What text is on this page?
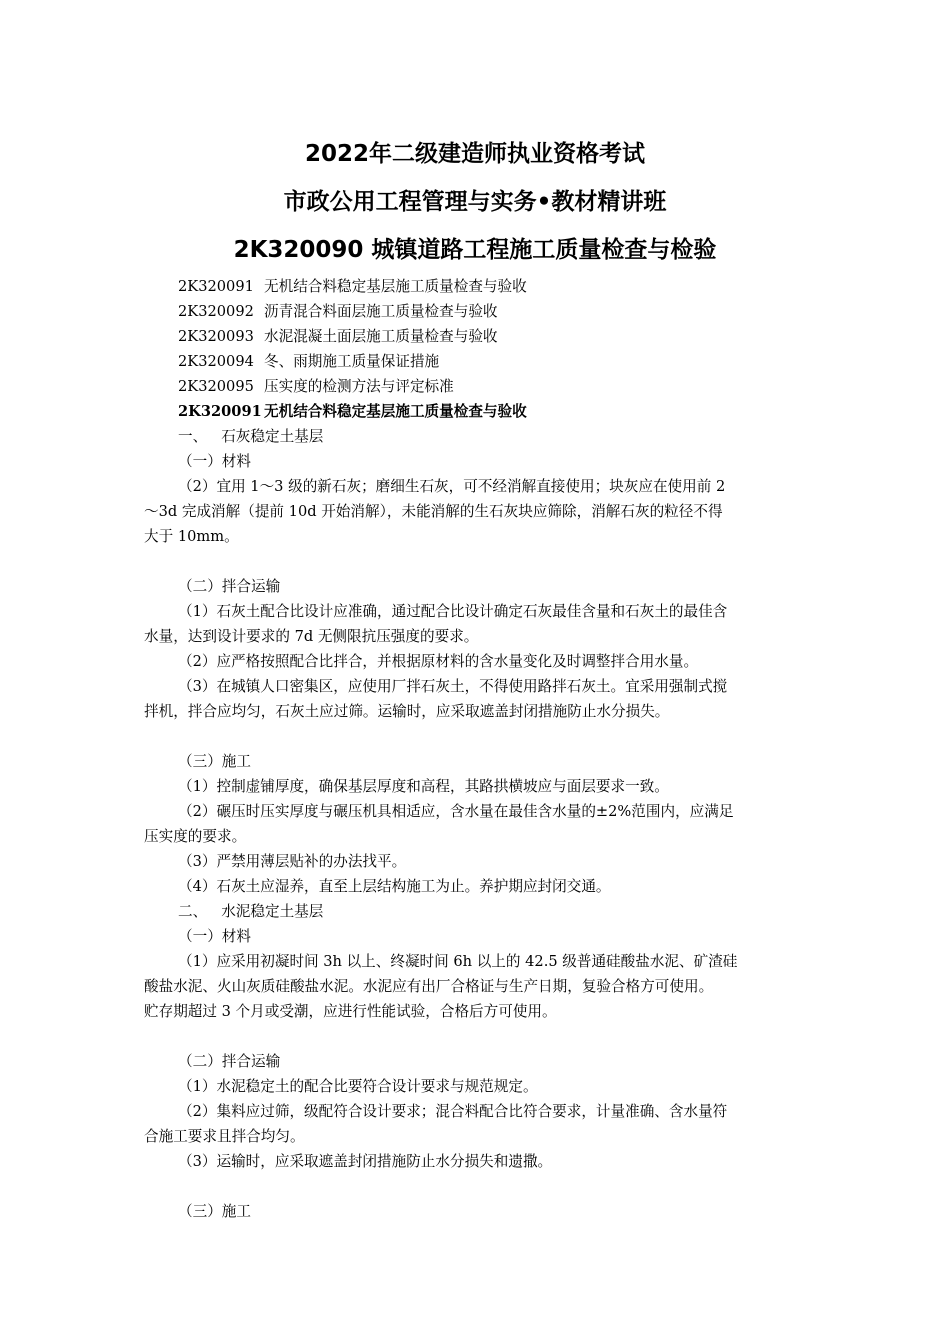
2022年二级建造师执业资格考试
市政公用工程管理与实务•教材精讲班
2K320090 城镇道路工程施工质量检查与检验
2K320091 无机结合料稳定基层施工质量检查与验收
2K320092 沥青混合料面层施工质量检查与验收
2K320093 水泥混凝土面层施工质量检查与验收
2K320094 冬、雨期施工质量保证措施
2K320095 压实度的检测方法与评定标准
2K320091 无机结合料稳定基层施工质量检查与验收
一、 石灰稳定土基层
（一）材料
（2）宜用 1～3 级的新石灰；磨细生石灰，可不经消解直接使用；块灰应在使用前 2
～3d 完成消解（提前 10d 开始消解），未能消解的生石灰块应筛除，消解石灰的粒径不得
大于 10mm。
（二）拌合运输
（1）石灰土配合比设计应准确，通过配合比设计确定石灰最佳含量和石灰土的最佳含
水量，达到设计要求的 7d 无侧限抗压强度的要求。
（2）应严格按照配合比拌合，并根据原材料的含水量变化及时调整拌合用水量。
（3）在城镇人口密集区，应使用厂拌石灰土，不得使用路拌石灰土。宜采用强制式搅
拌机，拌合应均匀，石灰土应过筛。运输时，应采取遮盖封闭措施防止水分损失。
（三）施工
（1）控制虚铺厚度，确保基层厚度和高程，其路拱横坡应与面层要求一致。
（2）碾压时压实厚度与碾压机具相适应，含水量在最佳含水量的±2%范围内，应满足
压实度的要求。
（3）严禁用薄层贴补的办法找平。
（4）石灰土应湿养，直至上层结构施工为止。养护期应封闭交通。
二、 水泥稳定土基层
（一）材料
（1）应采用初凝时间 3h 以上、终凝时间 6h 以上的 42.5 级普通硅酸盐水泥、矿渣硅
酸盐水泥、火山灰质硅酸盐水泥。水泥应有出厂合格证与生产日期，复验合格方可使用。
贮存期超过 3 个月或受潮，应进行性能试验，合格后方可使用。
（二）拌合运输
（1）水泥稳定土的配合比要符合设计要求与规范规定。
（2）集料应过筛，级配符合设计要求；混合料配合比符合要求，计量准确、含水量符
合施工要求且拌合均匀。
（3）运输时，应采取遮盖封闭措施防止水分损失和遗撒。
（三）施工
